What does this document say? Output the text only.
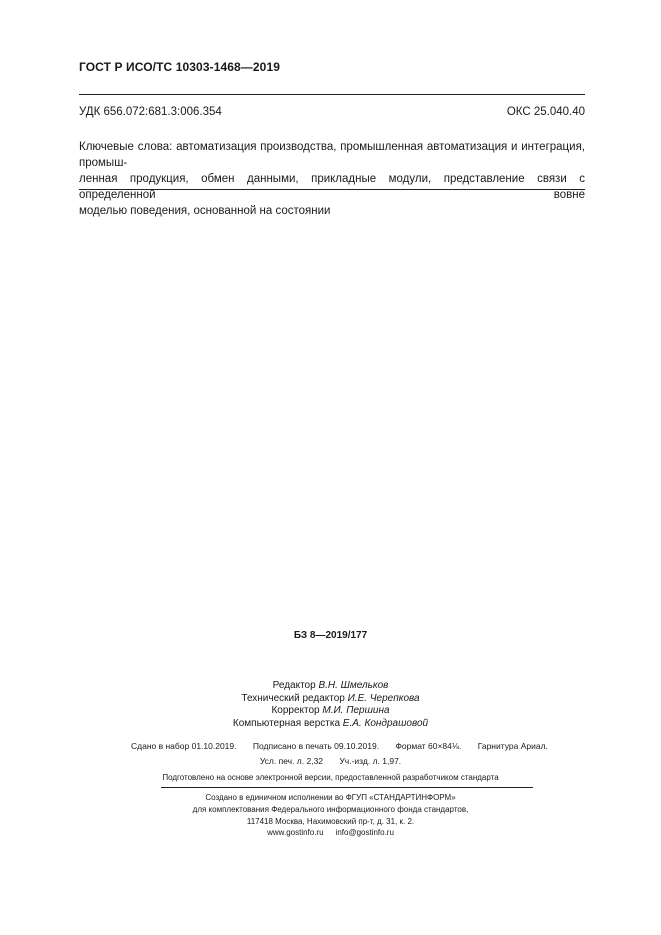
ГОСТ Р ИСО/ТС 10303-1468—2019
УДК 656.072:681.3:006.354	ОКС 25.040.40
Ключевые слова: автоматизация производства, промышленная автоматизация и интеграция, промыш-
ленная продукция, обмен данными, прикладные модули, представление связи с определенной вовне
моделью поведения, основанной на состоянии
БЗ 8—2019/177
Редактор В.Н. Шмельков
Технический редактор И.Е. Черепкова
Корректор М.И. Першина
Компьютерная верстка Е.А. Кондрашовой
Сдано в набор 01.10.2019. Подписано в печать 09.10.2019. Формат 60×84⅛. Гарнитура Ариал.
Усл. печ. л. 2,32 Уч.-изд. л. 1,97.
Подготовлено на основе электронной версии, предоставленной разработчиком стандарта
Создано в единичном исполнении во ФГУП «СТАНДАРТИНФОРМ»
для комплектования Федерального информационного фонда стандартов,
117418 Москва, Нахимовский пр-т, д. 31, к. 2.
www.gostinfo.ru info@gostinfo.ru
